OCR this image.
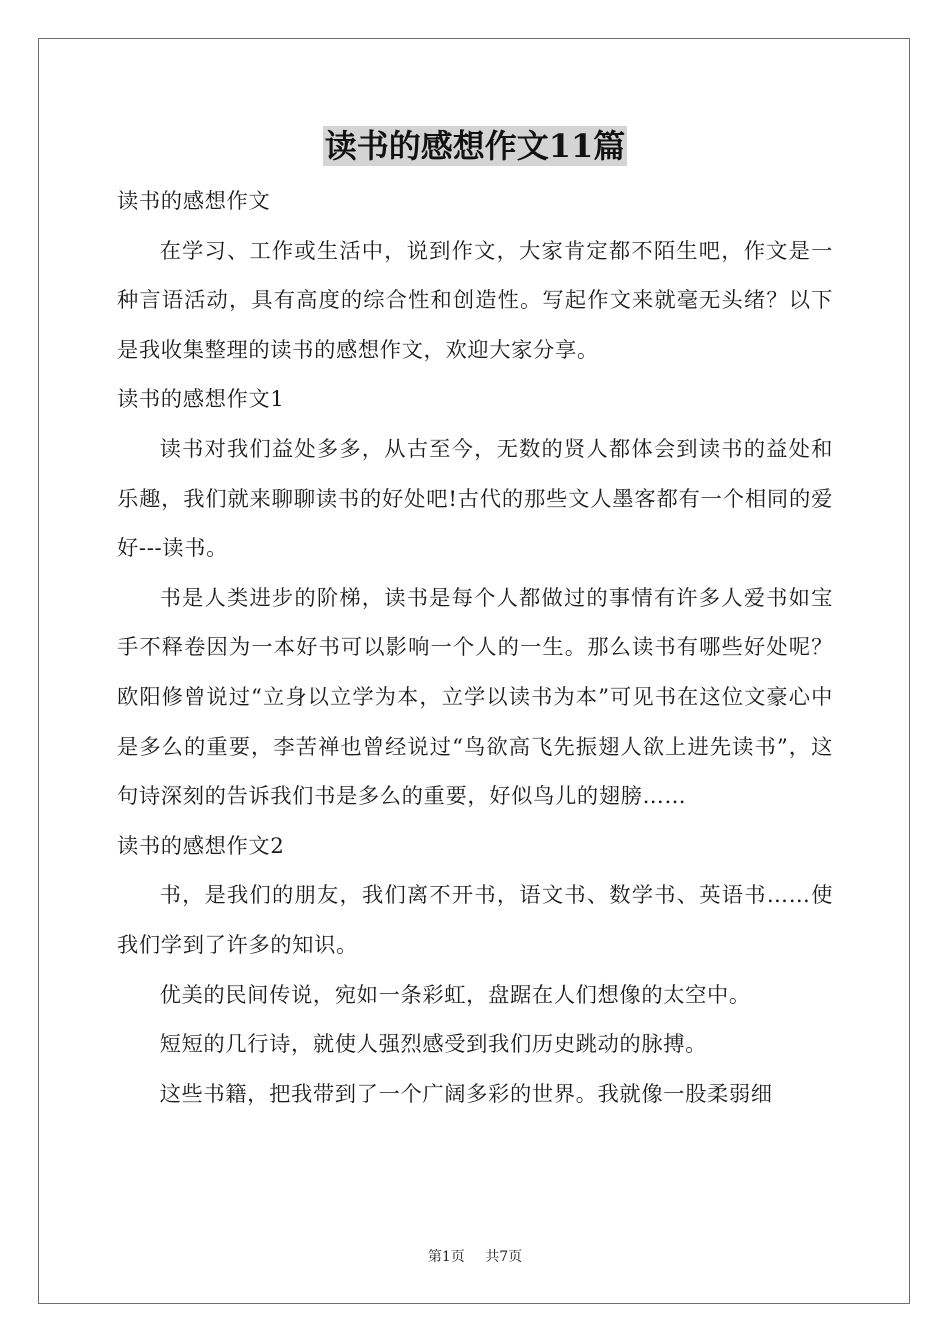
读书的感想作文11篇

读书的感想作文

在学习、工作或生活中，说到作文，大家肯定都不陌生吧，作文是一种言语活动，具有高度的综合性和创造性。写起作文来就毫无头绪？以下是我收集整理的读书的感想作文，欢迎大家分享。

读书的感想作文1

读书对我们益处多多，从古至今，无数的贤人都体会到读书的益处和乐趣，我们就来聊聊读书的好处吧!古代的那些文人墨客都有一个相同的爱好---读书。

书是人类进步的阶梯，读书是每个人都做过的事情有许多人爱书如宝手不释卷因为一本好书可以影响一个人的一生。那么读书有哪些好处呢？欧阳修曾说过“立身以立学为本，立学以读书为本”可见书在这位文豪心中是多么的重要，李苦禅也曾经说过“鸟欲高飞先振翅人欲上进先读书”，这句诗深刻的告诉我们书是多么的重要，好似鸟儿的翅膀……

读书的感想作文2

书，是我们的朋友，我们离不开书，语文书、数学书、英语书……使我们学到了许多的知识。

优美的民间传说，宛如一条彩虹，盘踞在人们想像的太空中。

短短的几行诗，就使人强烈感受到我们历史跳动的脉搏。

这些书籍，把我带到了一个广阔多彩的世界。我就像一股柔弱细

第1页 共7页
